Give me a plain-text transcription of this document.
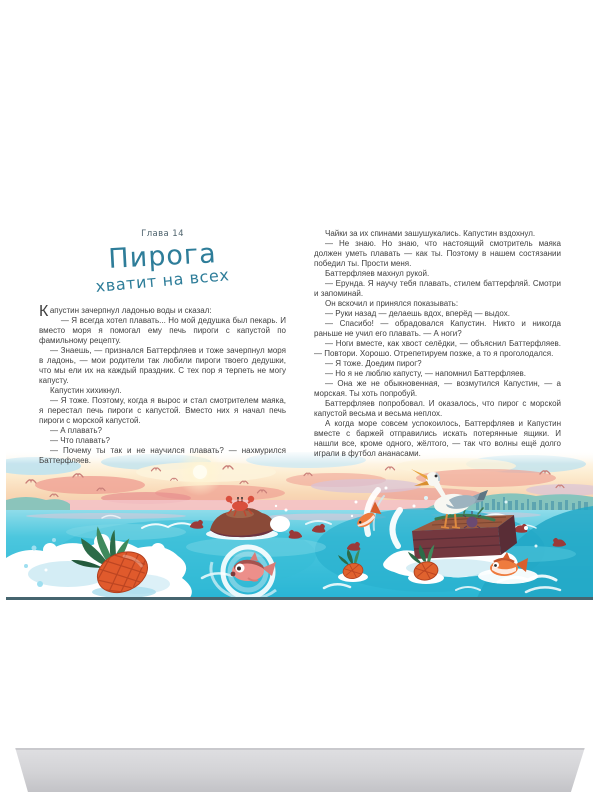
Глава 14
Пирога
хватит на всех

Капустин зачерпнул ладонью воды и сказал:

— Я всегда хотел плавать... Но мой дедушка был пекарь. И вместо моря я помогал ему печь пироги с капустой по фамильному рецепту.

— Знаешь, — признался Баттерфляев и тоже зачерпнул моря в ладонь, — мои родители так любили пироги твоего дедушки, что мы ели их на каждый праздник. С тех пор я терпеть не могу капусту.

Капустин хихикнул.

— Я тоже. Поэтому, когда я вырос и стал смотрителем маяка, я перестал печь пироги с капустой. Вместо них я начал печь пироги с морской капустой.

— А плавать?

— Что плавать?

— Почему ты так и не научился плавать? — нахмурился Баттерфляев.

Чайки за их спинами зашушукались. Капустин вздохнул.

— Не знаю. Но знаю, что настоящий смотритель маяка должен уметь плавать — как ты. Поэтому в нашем состязании победил ты. Прости меня.

Баттерфляев махнул рукой.

— Ерунда. Я научу тебя плавать, стилем баттерфляй. Смотри и запоминай.

Он вскочил и принялся показывать:

— Руки назад — делаешь вдох, вперёд — выдох.

— Спасибо! — обрадовался Капустин. Никто и никогда раньше не учил его плавать. — А ноги?

— Ноги вместе, как хвост селёдки, — объяснил Баттерфляев. — Повтори. Хорошо. Отрепетируем позже, а то я проголодался.

— Я тоже. Доедим пирог?

— Но я не люблю капусту, — напомнил Баттерфляев.

— Она же не обыкновенная, — возмутился Капустин, — а морская. Ты хоть попробуй.

Баттерфляев попробовал. И оказалось, что пирог с морской капустой весьма и весьма неплох.

А когда море совсем успокоилось, Баттерфляев и Капустин вместе с баржей отправились искать потерянные ящики. И нашли все, кроме одного, жёлтого, — так что волны ещё долго играли в футбол ананасами.
